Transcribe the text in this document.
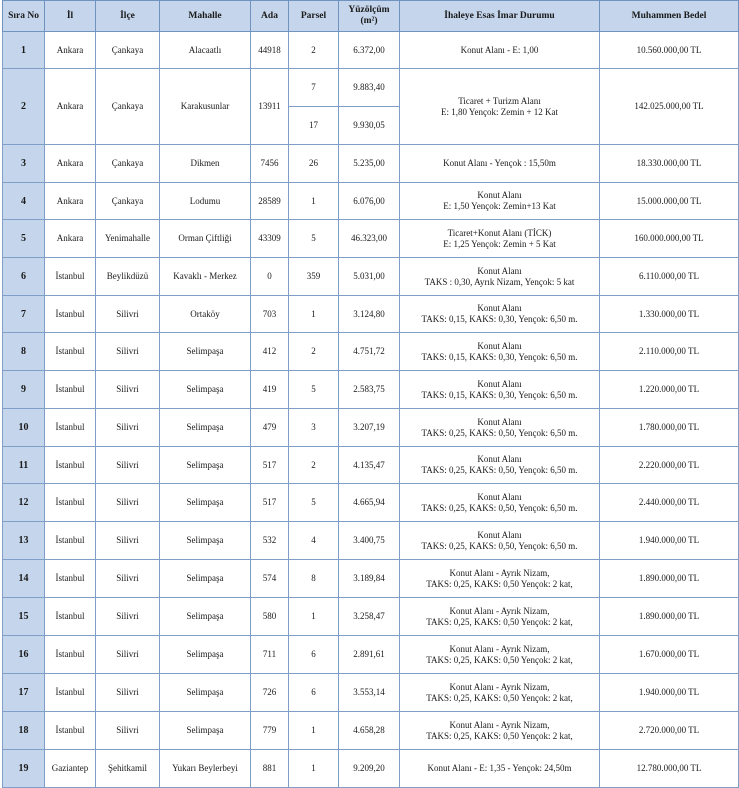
Sıra No	İl	İlçe	Mahalle	Ada	Parsel	Yüzölçüm
(m²)	İhaleye Esas İmar Durumu	Muhammen Bedel
1	Ankara	Çankaya	Alacaatlı	44918	2	6.372,00	Konut Alanı - E: 1,00	10.560.000,00 TL
2	Ankara	Çankaya	Karakusunlar	13911	7	9.883,40	Ticaret + Turizm Alanı
E: 1,80 Yençok: Zemin + 12 Kat	142.025.000,00 TL
					17	9.930,05		
3	Ankara	Çankaya	Dikmen	7456	26	5.235,00	Konut Alanı - Yençok : 15,50m	18.330.000,00 TL
4	Ankara	Çankaya	Lodumu	28589	1	6.076,00	Konut Alanı
E: 1,50 Yençok: Zemin+13 Kat	15.000.000,00 TL
5	Ankara	Yenimahalle	Orman Çiftliği	43309	5	46.323,00	Ticaret+Konut Alanı (TİCK)
E: 1,25 Yençok: Zemin + 5 Kat	160.000.000,00 TL
6	İstanbul	Beylikdüzü	Kavaklı - Merkez	0	359	5.031,00	Konut Alanı
TAKS : 0,30, Ayrık Nizam, Yençok: 5 kat	6.110.000,00 TL
7	İstanbul	Silivri	Ortaköy	703	1	3.124,80	Konut Alanı
TAKS: 0,15, KAKS: 0,30, Yençok: 6,50 m.	1.330.000,00 TL
8	İstanbul	Silivri	Selimpaşa	412	2	4.751,72	Konut Alanı
TAKS: 0,15, KAKS: 0,30, Yençok: 6,50 m.	2.110.000,00 TL
9	İstanbul	Silivri	Selimpaşa	419	5	2.583,75	Konut Alanı
TAKS: 0,15, KAKS: 0,30, Yençok: 6,50 m.	1.220.000,00 TL
10	İstanbul	Silivri	Selimpaşa	479	3	3.207,19	Konut Alanı
TAKS: 0,25, KAKS: 0,50, Yençok: 6,50 m.	1.780.000,00 TL
11	İstanbul	Silivri	Selimpaşa	517	2	4.135,47	Konut Alanı
TAKS: 0,25, KAKS: 0,50, Yençok: 6,50 m.	2.220.000,00 TL
12	İstanbul	Silivri	Selimpaşa	517	5	4.665,94	Konut Alanı
TAKS: 0,25, KAKS: 0,50, Yençok: 6,50 m.	2.440.000,00 TL
13	İstanbul	Silivri	Selimpaşa	532	4	3.400,75	Konut Alanı
TAKS: 0,25, KAKS: 0,50, Yençok: 6,50 m.	1.940.000,00 TL
14	İstanbul	Silivri	Selimpaşa	574	8	3.189,84	Konut Alanı - Ayrık Nizam,
TAKS: 0,25, KAKS: 0,50 Yençok: 2 kat,	1.890.000,00 TL
15	İstanbul	Silivri	Selimpaşa	580	1	3.258,47	Konut Alanı - Ayrık Nizam,
TAKS: 0,25, KAKS: 0,50 Yençok: 2 kat,	1.890.000,00 TL
16	İstanbul	Silivri	Selimpaşa	711	6	2.891,61	Konut Alanı - Ayrık Nizam,
TAKS: 0,25, KAKS: 0,50 Yençok: 2 kat,	1.670.000,00 TL
17	İstanbul	Silivri	Selimpaşa	726	6	3.553,14	Konut Alanı - Ayrık Nizam,
TAKS: 0,25, KAKS: 0,50 Yençok: 2 kat,	1.940.000,00 TL
18	İstanbul	Silivri	Selimpaşa	779	1	4.658,28	Konut Alanı - Ayrık Nizam,
TAKS: 0,25, KAKS: 0,50 Yençok: 2 kat,	2.720.000,00 TL
19	Gaziantep	Şehitkamil	Yukarı Beylerbeyi	881	1	9.209,20	Konut Alanı - E: 1,35 - Yençok: 24,50m	12.780.000,00 TL
